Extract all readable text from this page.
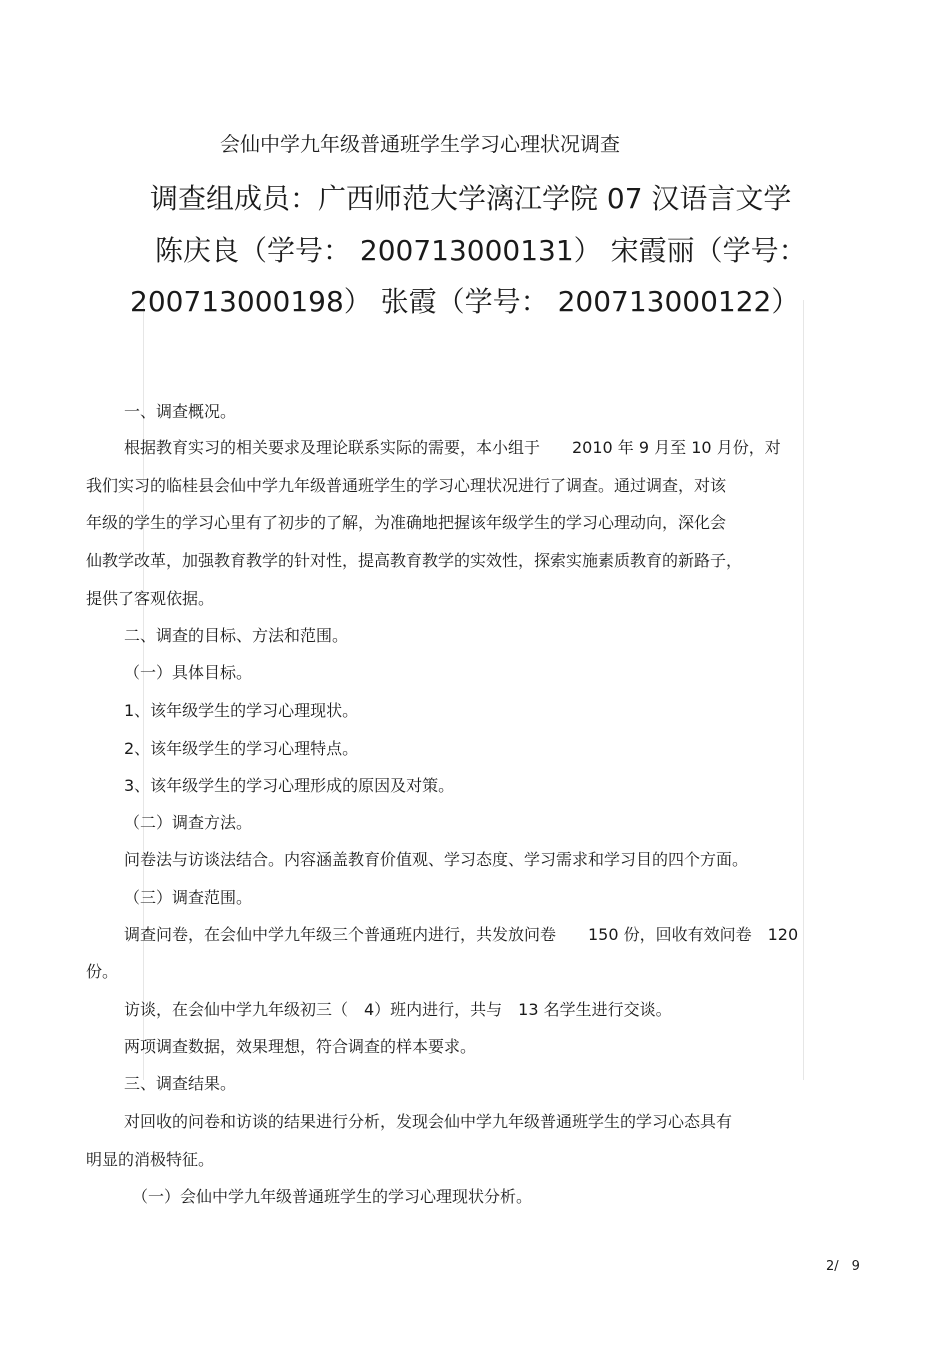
会仙中学九年级普通班学生学习心理状况调查
调查组成员：广西师范大学漓江学院 07 汉语言文学
陈庆良（学号： 200713000131） 宋霞丽（学号：
200713000198） 张霞（学号： 200713000122）
一、调查概况。
根据教育实习的相关要求及理论联系实际的需要，本小组于　　2010 年 9 月至 10 月份，对
我们实习的临桂县会仙中学九年级普通班学生的学习心理状况进行了调查。通过调查，对该
年级的学生的学习心里有了初步的了解，为准确地把握该年级学生的学习心理动向，深化会
仙教学改革，加强教育教学的针对性，提高教育教学的实效性，探索实施素质教育的新路子，
提供了客观依据。
二、调查的目标、方法和范围。
（一）具体目标。
1、该年级学生的学习心理现状。
2、该年级学生的学习心理特点。
3、该年级学生的学习心理形成的原因及对策。
（二）调查方法。
问卷法与访谈法结合。内容涵盖教育价值观、学习态度、学习需求和学习目的四个方面。
（三）调查范围。
调查问卷，在会仙中学九年级三个普通班内进行，共发放问卷　　150 份，回收有效问卷　120
份。
访谈，在会仙中学九年级初三（　4）班内进行，共与　13 名学生进行交谈。
两项调查数据，效果理想，符合调查的样本要求。
三、调查结果。
对回收的问卷和访谈的结果进行分析，发现会仙中学九年级普通班学生的学习心态具有
明显的消极特征。
（一）会仙中学九年级普通班学生的学习心理现状分析。
2/　9
